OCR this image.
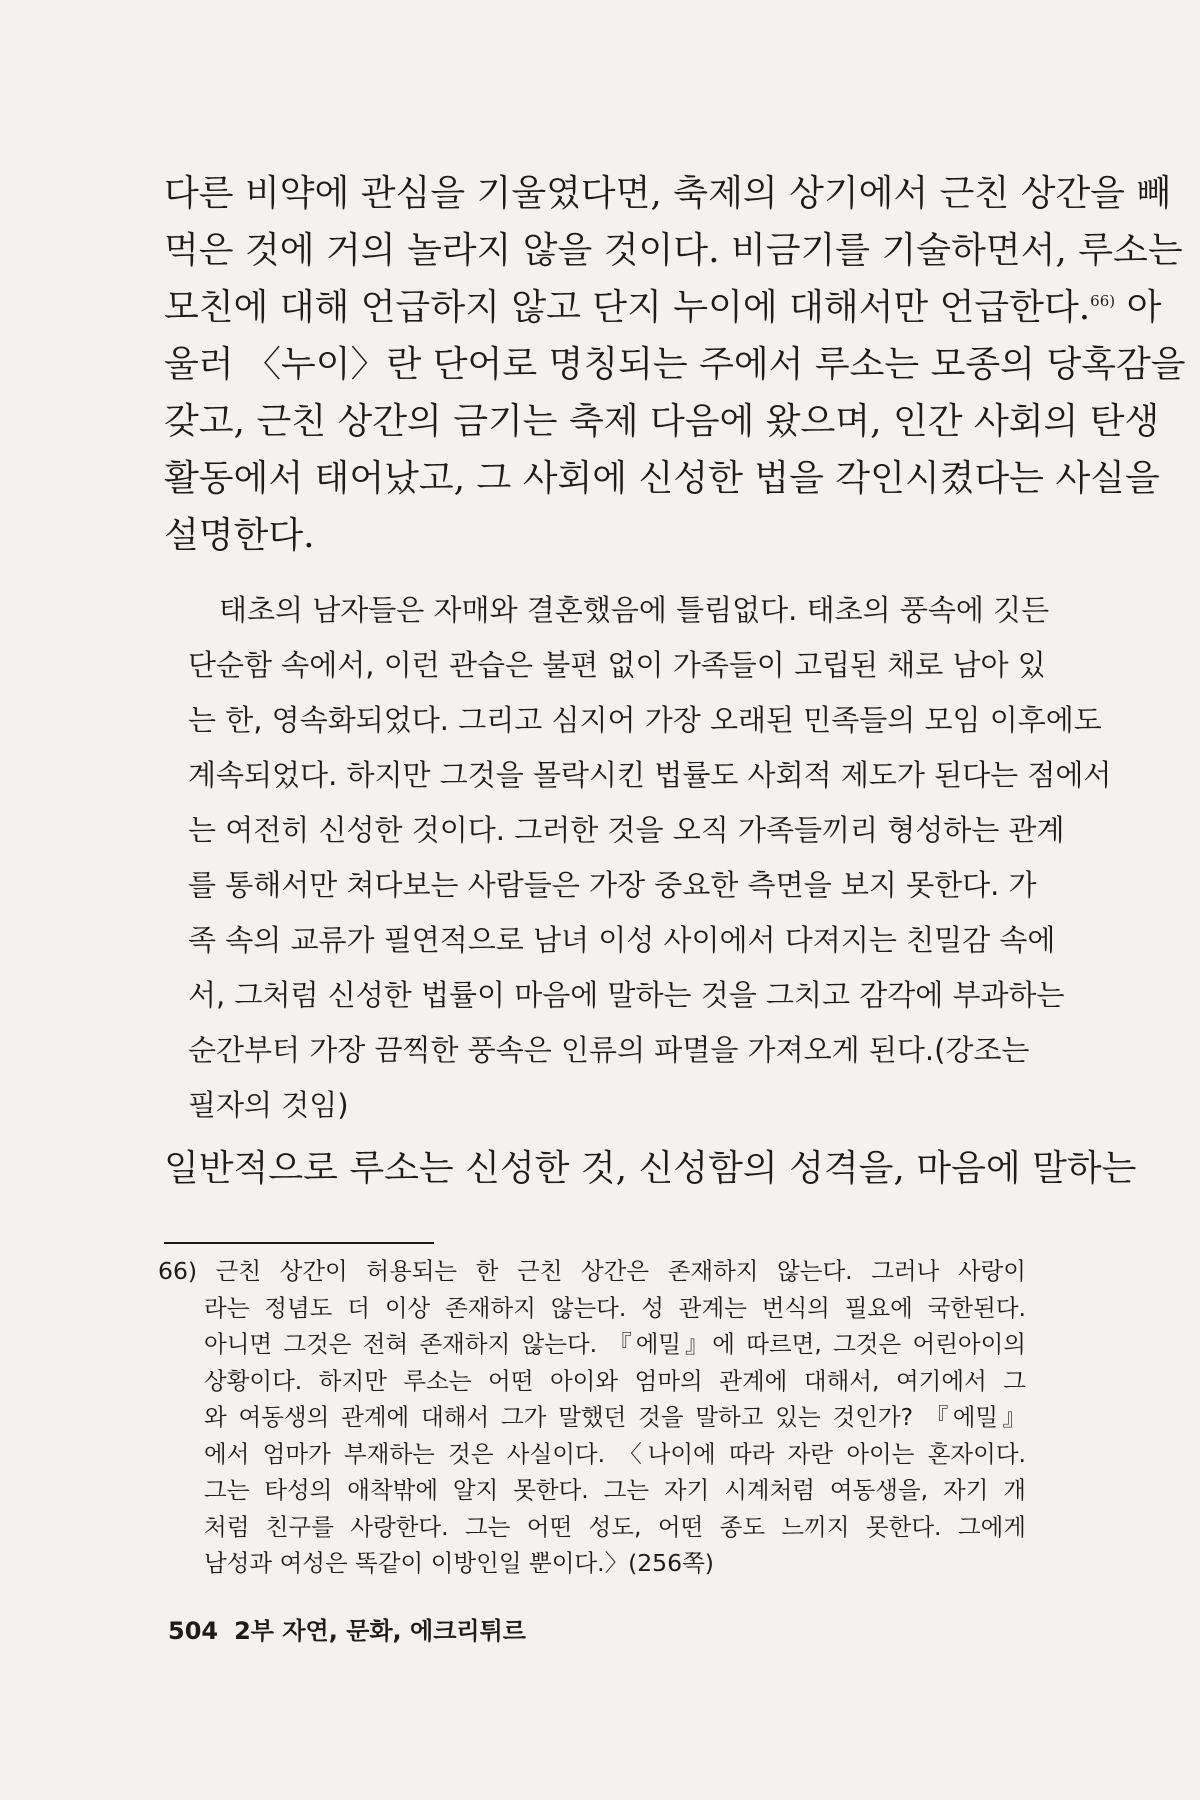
다른 비약에 관심을 기울였다면, 축제의 상기에서 근친 상간을 빼
먹은 것에 거의 놀라지 않을 것이다. 비금기를 기술하면서, 루소는
모친에 대해 언급하지 않고 단지 누이에 대해서만 언급한다.$^{66)}$ 아
울러 〈누이〉란 단어로 명칭되는 주에서 루소는 모종의 당혹감을
갖고, 근친 상간의 금기는 축제 다음에 왔으며, 인간 사회의 탄생
활동에서 태어났고, 그 사회에 신성한 법을 각인시켰다는 사실을
설명한다.

태초의 남자들은 자매와 결혼했음에 틀림없다. 태초의 풍속에 깃든
단순함 속에서, 이런 관습은 불편 없이 가족들이 고립된 채로 남아 있
는 한, 영속화되었다. 그리고 심지어 가장 오래된 민족들의 모임 이후에도
계속되었다. 하지만 그것을 몰락시킨 법률도 사회적 제도가 된다는 점에서
는 여전히 신성한 것이다. 그러한 것을 오직 가족들끼리 형성하는 관계
를 통해서만 쳐다보는 사람들은 가장 중요한 측면을 보지 못한다. 가
족 속의 교류가 필연적으로 남녀 이성 사이에서 다져지는 친밀감 속에
서, 그처럼 신성한 법률이 마음에 말하는 것을 그치고 감각에 부과하는
순간부터 가장 끔찍한 풍속은 인류의 파멸을 가져오게 된다.(강조는
필자의 것임)

일반적으로 루소는 신성한 것, 신성함의 성격을, 마음에 말하는

66) 근친 상간이 허용되는 한 근친 상간은 존재하지 않는다. 그러나 사랑이
라는 정념도 더 이상 존재하지 않는다. 성 관계는 번식의 필요에 국한된다.
아니면 그것은 전혀 존재하지 않는다. 『에밀』에 따르면, 그것은 어린아이의
상황이다. 하지만 루소는 어떤 아이와 엄마의 관계에 대해서, 여기에서 그
와 여동생의 관계에 대해서 그가 말했던 것을 말하고 있는 것인가? 『에밀』
에서 엄마가 부재하는 것은 사실이다. 〈나이에 따라 자란 아이는 혼자이다.
그는 타성의 애착밖에 알지 못한다. 그는 자기 시계처럼 여동생을, 자기 개
처럼 친구를 사랑한다. 그는 어떤 성도, 어떤 종도 느끼지 못한다. 그에게
남성과 여성은 똑같이 이방인일 뿐이다.〉(256쪽)
504 2부 자연, 문화, 에크리튀르
